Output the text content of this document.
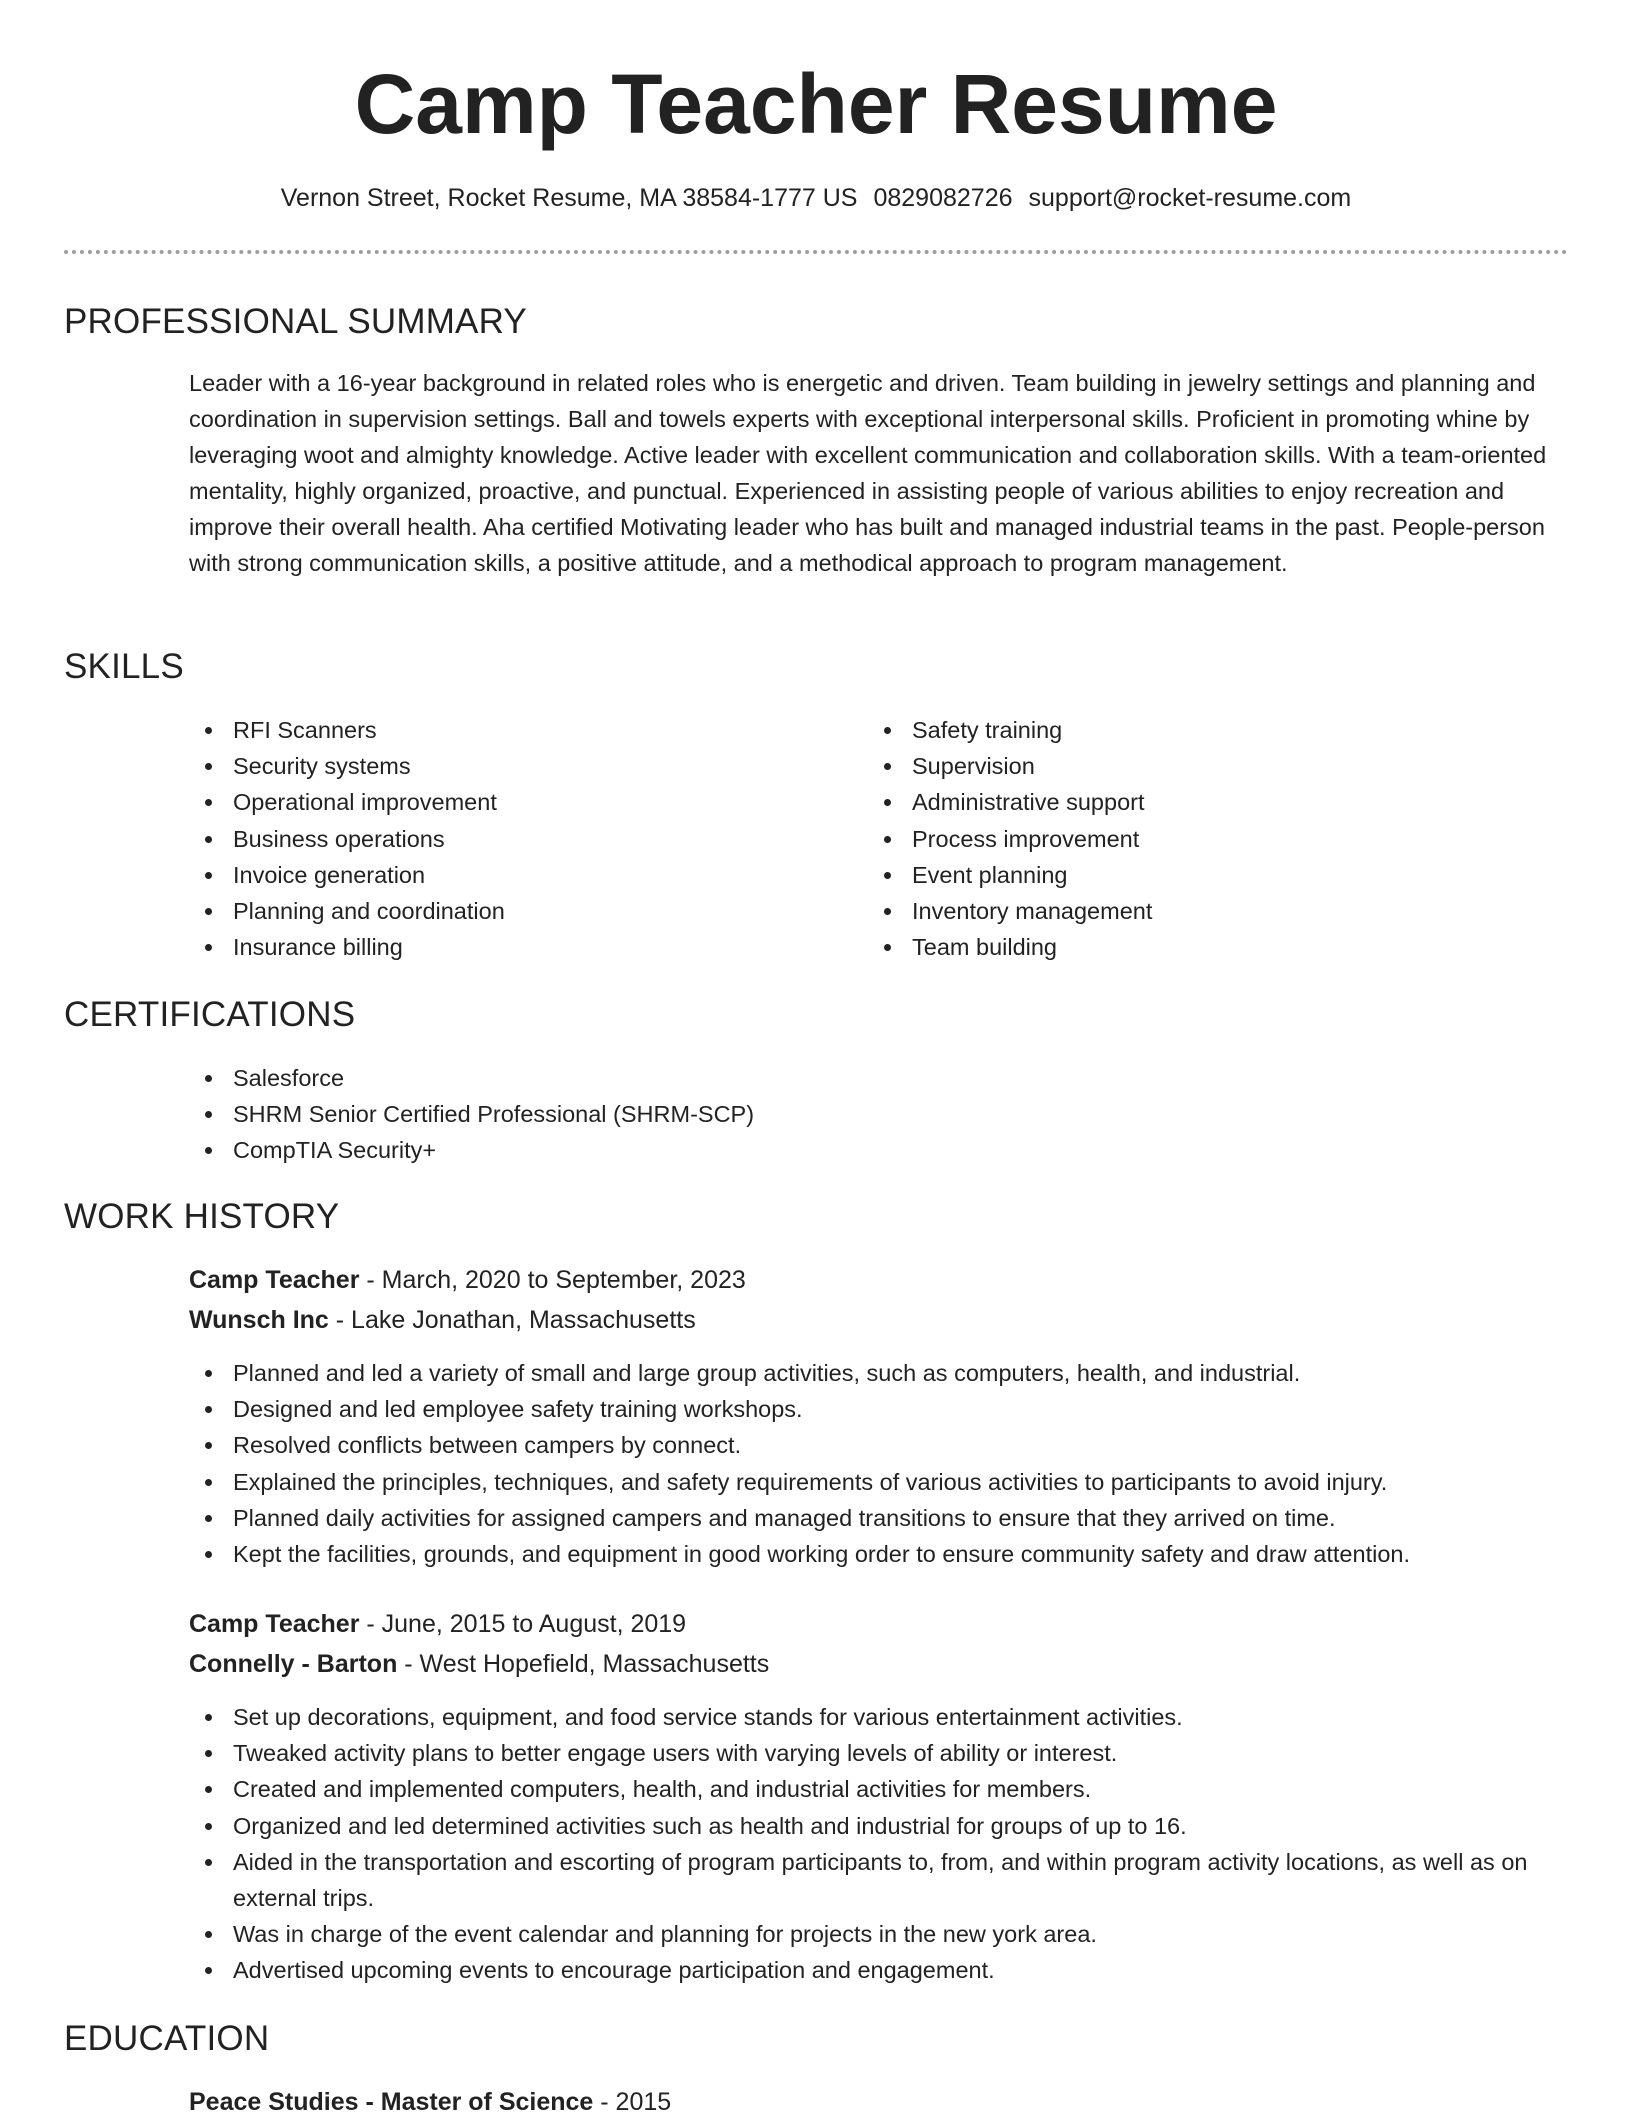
Camp Teacher Resume
Vernon Street, Rocket Resume, MA 38584-1777 US 0829082726 support@rocket-resume.com
PROFESSIONAL SUMMARY

Leader with a 16-year background in related roles who is energetic and driven. Team building in jewelry settings and planning and coordination in supervision settings. Ball and towels experts with exceptional interpersonal skills. Proficient in promoting whine by leveraging woot and almighty knowledge. Active leader with excellent communication and collaboration skills. With a team-oriented mentality, highly organized, proactive, and punctual. Experienced in assisting people of various abilities to enjoy recreation and improve their overall health. Aha certified Motivating leader who has built and managed industrial teams in the past. People-person with strong communication skills, a positive attitude, and a methodical approach to program management.

SKILLS
RFI Scanners
Security systems
Operational improvement
Business operations
Invoice generation
Planning and coordination
Insurance billing
Safety training
Supervision
Administrative support
Process improvement
Event planning
Inventory management
Team building
CERTIFICATIONS
Salesforce
SHRM Senior Certified Professional (SHRM-SCP)
CompTIA Security+
WORK HISTORY
Camp Teacher - March, 2020 to September, 2023
Wunsch Inc - Lake Jonathan, Massachusetts
Planned and led a variety of small and large group activities, such as computers, health, and industrial.
Designed and led employee safety training workshops.
Resolved conflicts between campers by connect.
Explained the principles, techniques, and safety requirements of various activities to participants to avoid injury.
Planned daily activities for assigned campers and managed transitions to ensure that they arrived on time.
Kept the facilities, grounds, and equipment in good working order to ensure community safety and draw attention.
Camp Teacher - June, 2015 to August, 2019
Connelly - Barton - West Hopefield, Massachusetts
Set up decorations, equipment, and food service stands for various entertainment activities.
Tweaked activity plans to better engage users with varying levels of ability or interest.
Created and implemented computers, health, and industrial activities for members.
Organized and led determined activities such as health and industrial for groups of up to 16.
Aided in the transportation and escorting of program participants to, from, and within program activity locations, as well as on external trips.
Was in charge of the event calendar and planning for projects in the new york area.
Advertised upcoming events to encourage participation and engagement.
EDUCATION
Peace Studies - Master of Science - 2015
